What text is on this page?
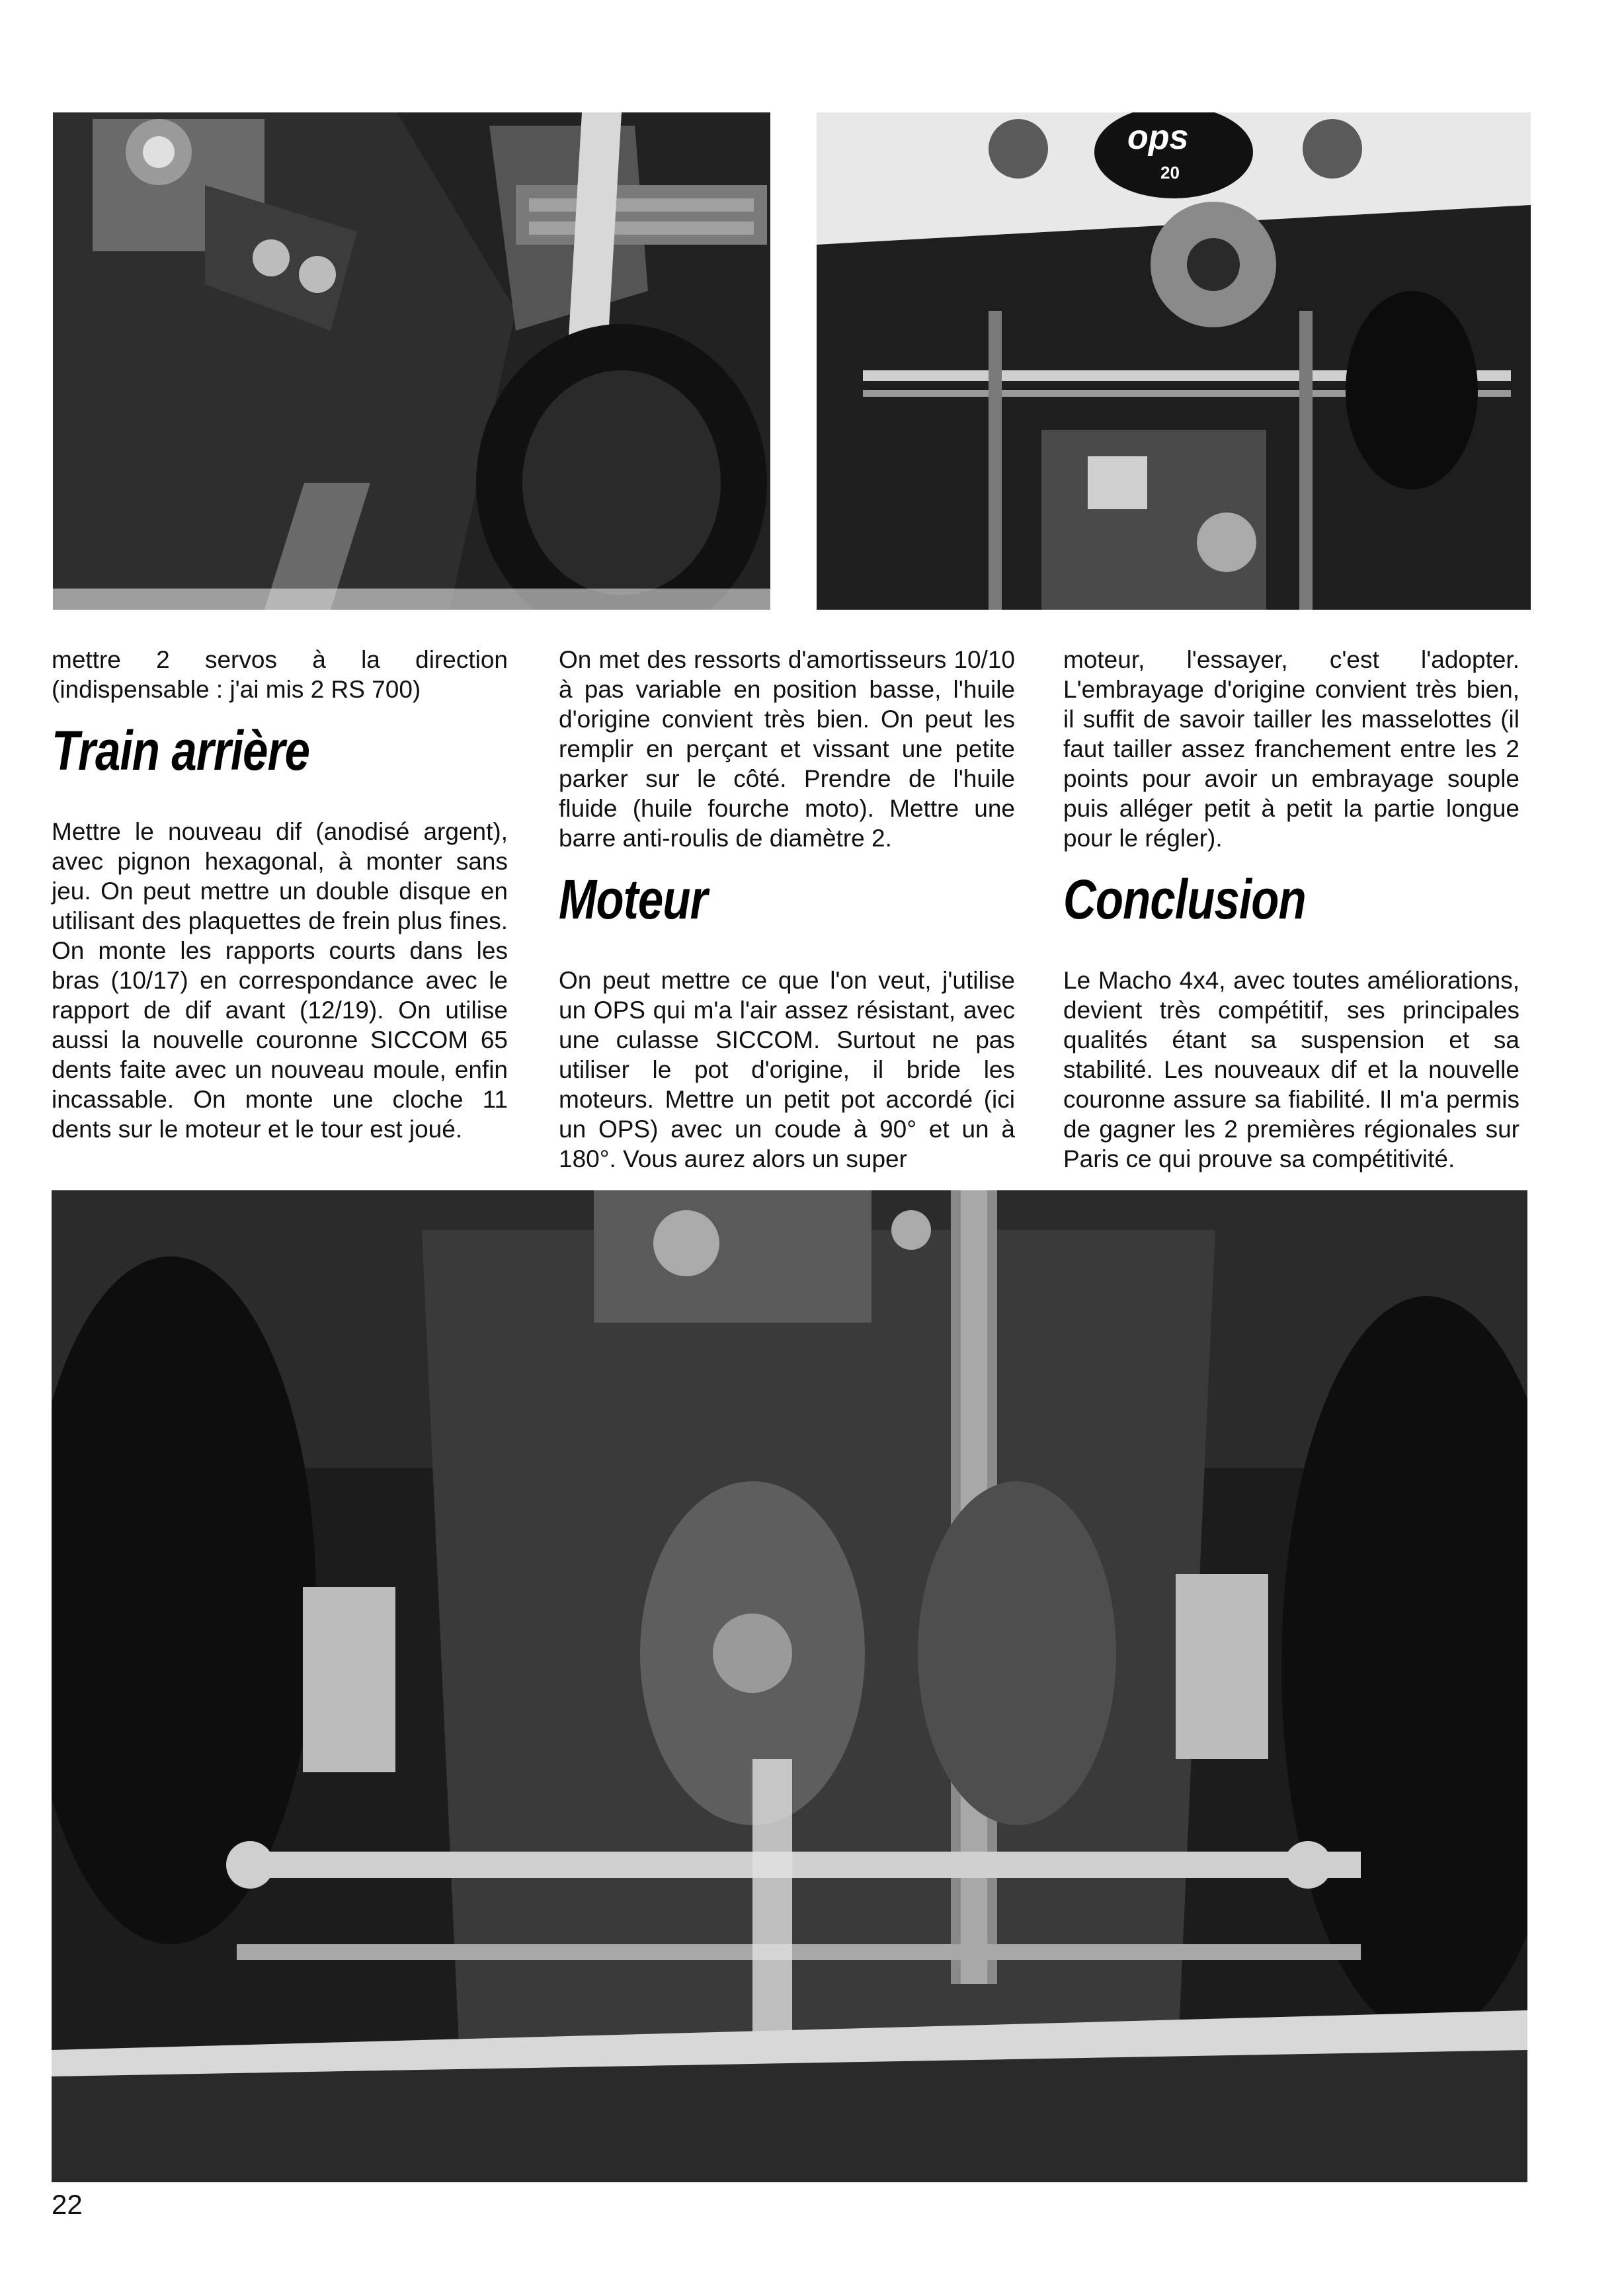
ops
20

mettre 2 servos à la direction (indispensable : j'ai mis 2 RS 700)

Train arrière

Mettre le nouveau dif (anodisé argent), avec pignon hexagonal, à monter sans jeu. On peut mettre un double disque en utilisant des plaquettes de frein plus fines. On monte les rapports courts dans les bras (10/17) en correspondance avec le rapport de dif avant (12/19). On utilise aussi la nouvelle couronne SICCOM 65 dents faite avec un nouveau moule, enfin incassable. On monte une cloche 11 dents sur le moteur et le tour est joué.

On met des ressorts d'amortisseurs 10/10 à pas variable en position basse, l'huile d'origine convient très bien. On peut les remplir en perçant et vissant une petite parker sur le côté. Prendre de l'huile fluide (huile fourche moto). Mettre une barre anti-roulis de diamètre 2.

Moteur

On peut mettre ce que l'on veut, j'utilise un OPS qui m'a l'air assez résistant, avec une culasse SICCOM. Surtout ne pas utiliser le pot d'origine, il bride les moteurs. Mettre un petit pot accordé (ici un OPS) avec un coude à 90° et un à 180°. Vous aurez alors un super

moteur, l'essayer, c'est l'adopter. L'embrayage d'origine convient très bien, il suffit de savoir tailler les masselottes (il faut tailler assez franchement entre les 2 points pour avoir un embrayage souple puis alléger petit à petit la partie longue pour le régler).

Conclusion

Le Macho 4x4, avec toutes améliorations, devient très compétitif, ses principales qualités étant sa suspension et sa stabilité. Les nouveaux dif et la nouvelle couronne assure sa fiabilité. Il m'a permis de gagner les 2 premières régionales sur Paris ce qui prouve sa compétitivité.

22
